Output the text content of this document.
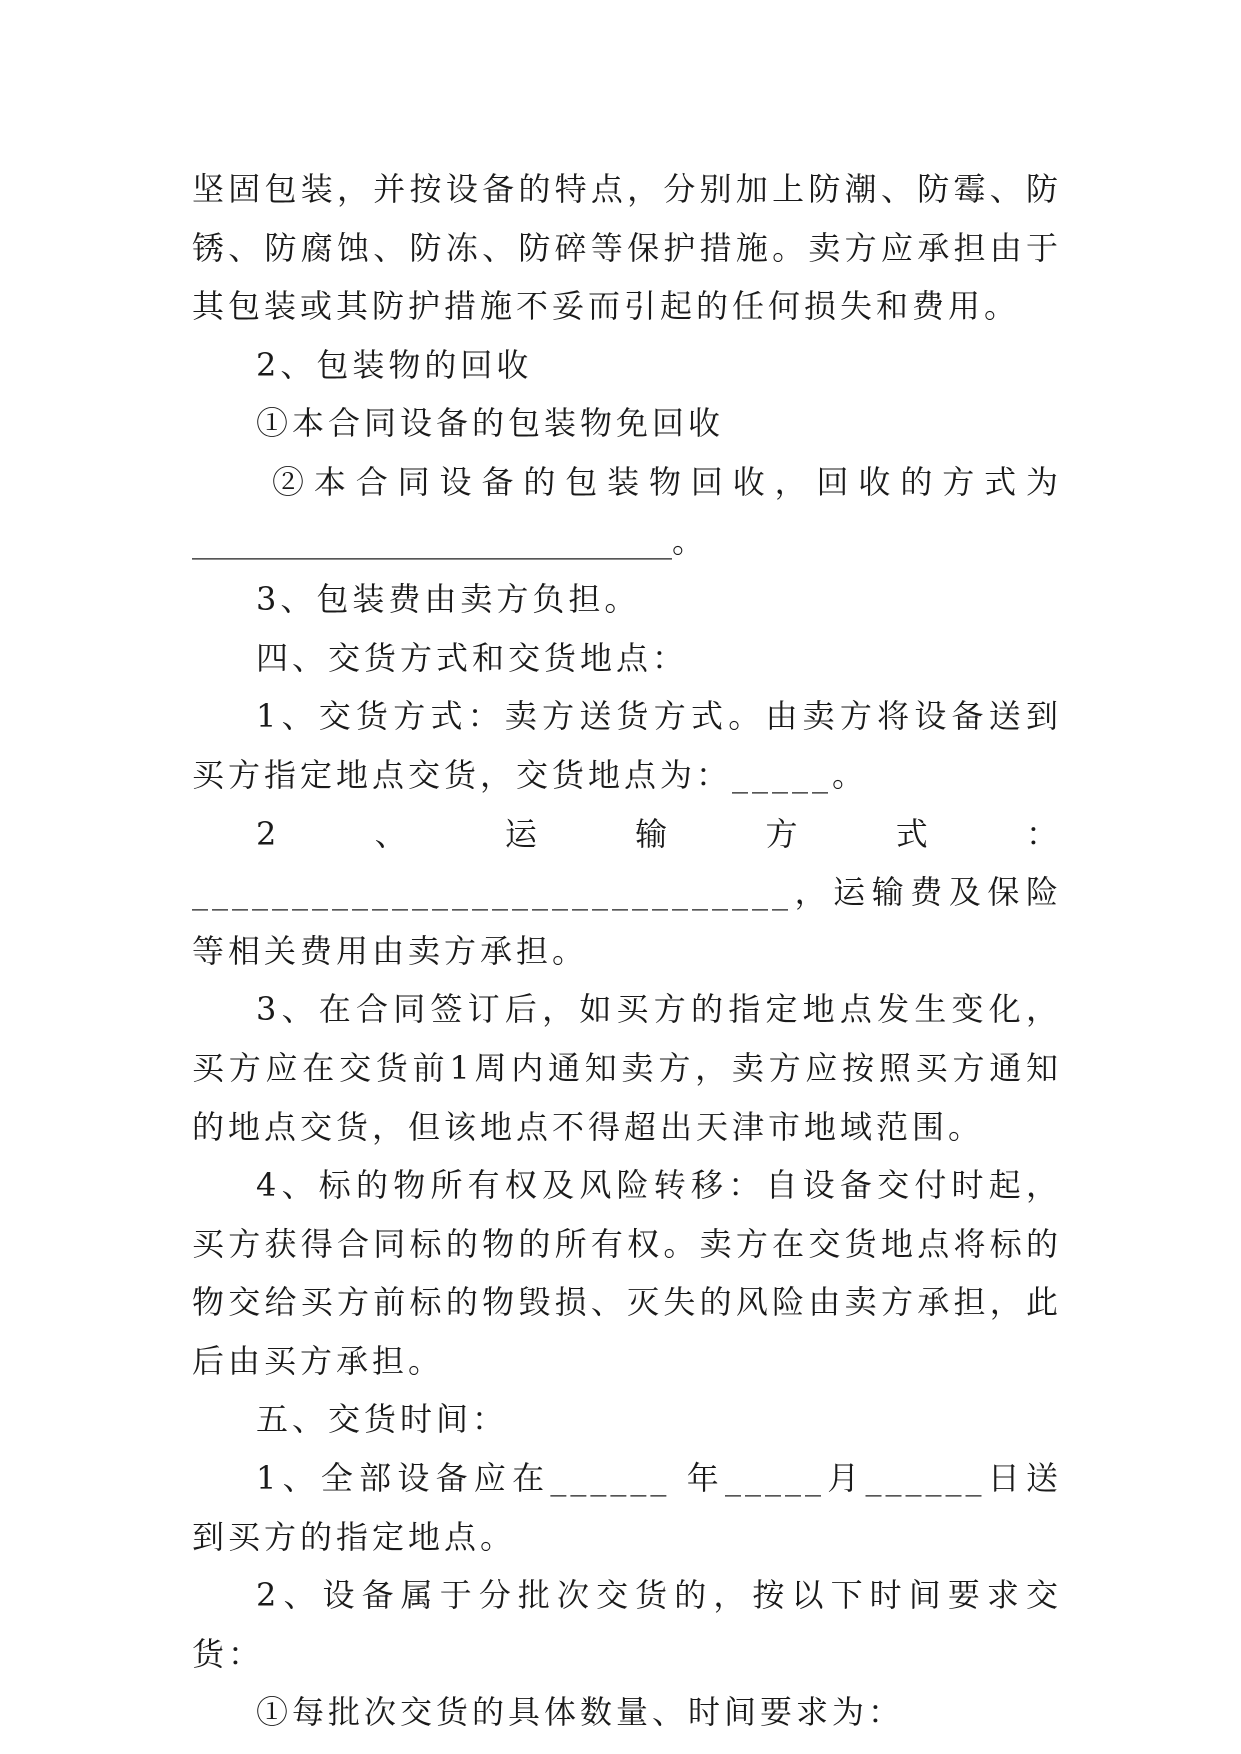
坚固包装，并按设备的特点，分别加上防潮、防霉、防锈、防腐蚀、防冻、防碎等保护措施。卖方应承担由于其包装或其防护措施不妥而引起的任何损失和费用。

2、包装物的回收

①本合同设备的包装物免回收

②本合同设备的包装物回收，回收的方式为

______________________________。

3、包装费由卖方负担。

四、交货方式和交货地点：

1、交货方式：卖方送货方式。由卖方将设备送到买方指定地点交货，交货地点为：_____。

2、运输方式：______________________________，运输费及保险等相关费用由卖方承担。

3、在合同签订后，如买方的指定地点发生变化，买方应在交货前1周内通知卖方，卖方应按照买方通知的地点交货，但该地点不得超出天津市地域范围。

4、标的物所有权及风险转移：自设备交付时起，买方获得合同标的物的所有权。卖方在交货地点将标的物交给买方前标的物毁损、灭失的风险由卖方承担，此后由买方承担。

五、交货时间：

1、全部设备应在______ 年_____月______日送到买方的指定地点。

2、设备属于分批次交货的，按以下时间要求交货：

①每批次交货的具体数量、时间要求为：
